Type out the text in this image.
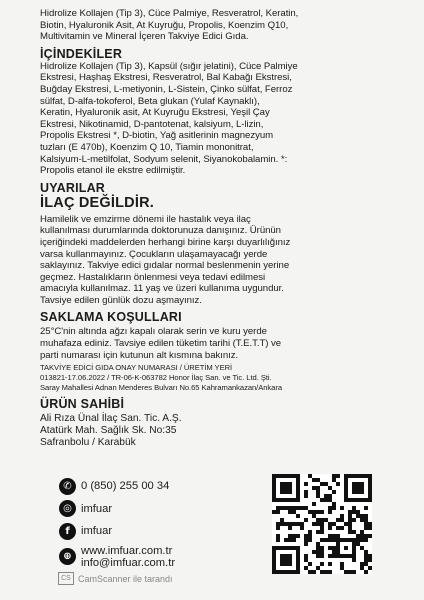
Hidrolize Kollajen (Tip 3), Cüce Palmiye, Resveratrol, Keratin,
Biotin, Hyaluronik Asit, At Kuyruğu, Propolis, Koenzim Q10,
Multivitamin ve Mineral İçeren Takviye Edici Gıda.

İÇİNDEKİLER

Hidrolize Kollajen (Tip 3), Kapsül (sığır jelatini), Cüce Palmiye
Ekstresi, Haşhaş Ekstresi, Resveratrol, Bal Kabağı Ekstresi,
Buğday Ekstresi, L-metiyonin, L-Sistein, Çinko sülfat, Ferroz
sülfat, D-alfa-tokoferol, Beta glukan (Yulaf Kaynaklı),
Keratin, Hyaluronik asit, At Kuyruğu Ekstresi, Yeşil Çay
Ekstresi, Nikotinamid, D-pantotenat, kalsiyum, L-lizin,
Propolis Ekstresi *, D-biotin, Yağ asitlerinin magnezyum
tuzları (E 470b), Koenzim Q 10, Tiamin mononitrat,
Kalsiyum-L-metilfolat, Sodyum selenit, Siyanokobalamin. *:
Propolis etanol ile ekstre edilmiştir.

UYARILAR

İLAÇ DEĞİLDİR.

Hamilelik ve emzirme dönemi ile hastalık veya ilaç
kullanılması durumlarında doktorunuza danışınız. Ürünün
içeriğindeki maddelerden herhangi birine karşı duyarlılığınız
varsa kullanmayınız. Çocukların ulaşamayacağı yerde
saklayınız. Takviye edici gıdalar normal beslenmenin yerine
geçmez. Hastalıkların önlenmesi veya tedavi edilmesi
amacıyla kullanılmaz. 11 yaş ve üzeri kullanıma uygundur.
Tavsiye edilen günlük dozu aşmayınız.

SAKLAMA KOŞULLARI

25°C'nin altında ağzı kapalı olarak serin ve kuru yerde
muhafaza ediniz. Tavsiye edilen tüketim tarihi (T.E.T.T) ve
parti numarası için kutunun alt kısmına bakınız.

TAKVİYE EDİCİ GIDA ONAY NUMARASI / ÜRETİM YERİ

013821-17.06.2022 / TR-06-K-063782 Honor İlaç San. ve Tic. Ltd. Şti.
Saray Mahallesi Adnan Menderes Bulvarı No.65 Kahramankazan/Ankara

ÜRÜN SAHİBİ

Ali Rıza Ünal İlaç San. Tic. A.Ş.
Atatürk Mah. Sağlık Sk. No:35
Safranbolu / Karabük

✆ 0 (850) 255 00 34
◎ imfuar
f	imfuar
⊕ www.imfuar.com.tr
info@imfuar.com.tr
CS CamScanner ile tarandı
